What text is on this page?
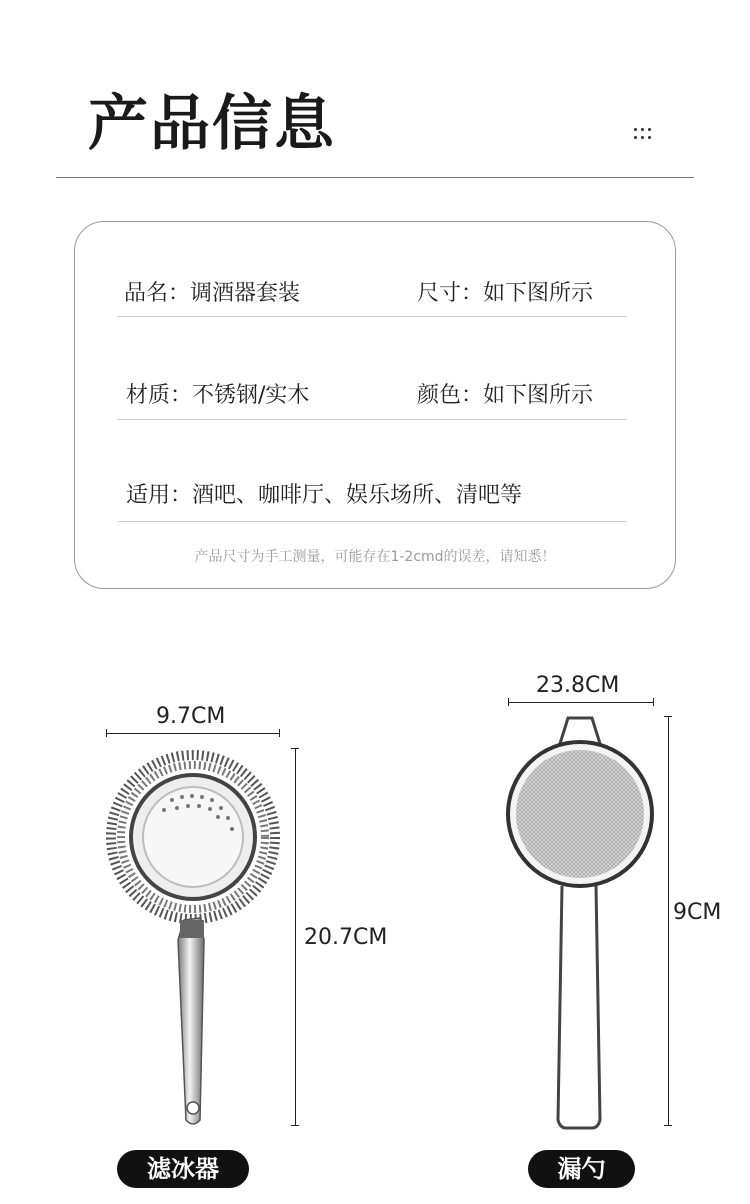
产品信息
品名：调酒器套装	尺寸：如下图所示
材质：不锈钢/实木	颜色：如下图所示
适用：酒吧、咖啡厅、娱乐场所、清吧等
产品尺寸为手工测量，可能存在1-2cmd的误差，请知悉！
9.7CM
20.7CM
23.8CM
9CM
滤冰器	漏勺
